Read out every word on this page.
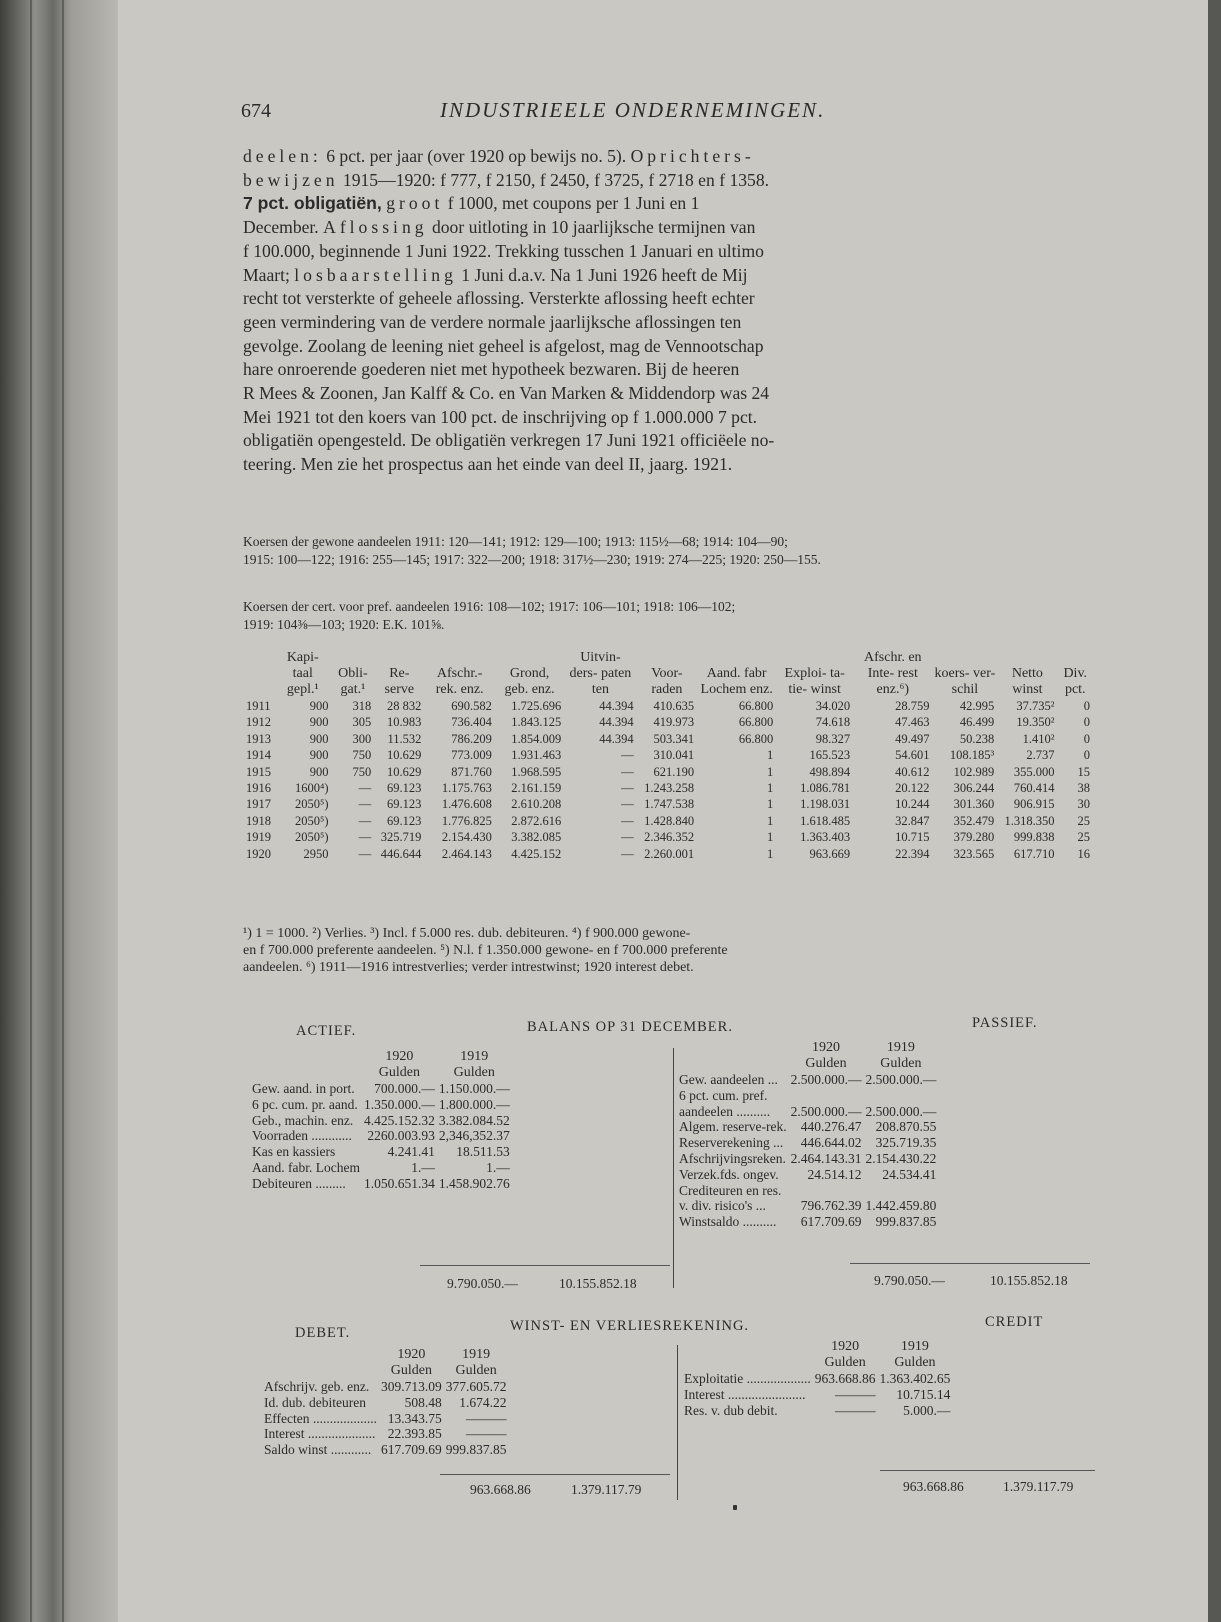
674	INDUSTRIEELE ONDERNEMINGEN.

deelen: 6 pct. per jaar (over 1920 op bewijs no. 5). Oprichters-

bewijzen 1915—1920: f 777, f 2150, f 2450, f 3725, f 2718 en f 1358.

7 pct. obligatiën, groot f 1000, met coupons per 1 Juni en 1

December. Aflossing door uitloting in 10 jaarlijksche termijnen van

f 100.000, beginnende 1 Juni 1922. Trekking tusschen 1 Januari en ultimo

Maart; losbaarstelling 1 Juni d.a.v. Na 1 Juni 1926 heeft de Mij

recht tot versterkte of geheele aflossing. Versterkte aflossing heeft echter

geen vermindering van de verdere normale jaarlijksche aflossingen ten

gevolge. Zoolang de leening niet geheel is afgelost, mag de Vennootschap

hare onroerende goederen niet met hypotheek bezwaren. Bij de heeren

R Mees & Zoonen, Jan Kalff & Co. en Van Marken & Middendorp was 24

Mei 1921 tot den koers van 100 pct. de inschrijving op f 1.000.000 7 pct.

obligatiën opengesteld. De obligatiën verkregen 17 Juni 1921 officiëele no-

teering. Men zie het prospectus aan het einde van deel II, jaarg. 1921.

Koersen der gewone aandeelen 1911: 120—141; 1912: 129—100; 1913: 115½—68; 1914: 104—90;
1915: 100—122; 1916: 255—145; 1917: 322—200; 1918: 317½—230; 1919: 274—225; 1920: 250—155.
Koersen der cert. voor pref. aandeelen 1916: 108—102; 1917: 106—101; 1918: 106—102;
1919: 104⅜—103; 1920: E.K. 101⅝.
	Kapi- taal gepl.¹	Obli- gat.¹	Re- serve	Afschr.- rek. enz.	Grond, geb. enz.	Uitvin- ders- paten ten	Voor- raden	Aand. fabr Lochem enz.	Exploi- ta- tie- winst	Afschr. en Inte- rest enz.⁶)	koers- ver- schil	Netto winst	Div. pct.
1911	900	318	28 832	690.582	1.725.696	44.394	410.635	66.800	34.020	28.759	42.995	37.735²	0
1912	900	305	10.983	736.404	1.843.125	44.394	419.973	66.800	74.618	47.463	46.499	19.350²	0
1913	900	300	11.532	786.209	1.854.009	44.394	503.341	66.800	98.327	49.497	50.238	1.410²	0
1914	900	750	10.629	773.009	1.931.463	—	310.041	1	165.523	54.601	108.185³	2.737	0
1915	900	750	10.629	871.760	1.968.595	—	621.190	1	498.894	40.612	102.989	355.000	15
1916	1600⁴)	—	69.123	1.175.763	2.161.159	—	1.243.258	1	1.086.781	20.122	306.244	760.414	38
1917	2050⁵)	—	69.123	1.476.608	2.610.208	—	1.747.538	1	1.198.031	10.244	301.360	906.915	30
1918	2050⁵)	—	69.123	1.776.825	2.872.616	—	1.428.840	1	1.618.485	32.847	352.479	1.318.350	25
1919	2050⁵)	—	325.719	2.154.430	3.382.085	—	2.346.352	1	1.363.403	10.715	379.280	999.838	25
1920	2950	—	446.644	2.464.143	4.425.152	—	2.260.001	1	963.669	22.394	323.565	617.710	16
¹) 1 = 1000. ²) Verlies. ³) Incl. f 5.000 res. dub. debiteuren. ⁴) f 900.000 gewone-
en f 700.000 preferente aandeelen. ⁵) N.l. f 1.350.000 gewone- en f 700.000 preferente
aandeelen. ⁶) 1911—1916 intrestverlies; verder intrestwinst; 1920 interest debet.
ACTIEF.	BALANS OP 31 DECEMBER.	PASSIEF.
	1920	1919
	Gulden	Gulden
Gew. aand. in port.	700.000.—	1.150.000.—
6 pc. cum. pr. aand.	1.350.000.—	1.800.000.—
Geb., machin. enz.	4.425.152.32	3.382.084.52
Voorraden ............	2260.003.93	2,346,352.37
Kas en kassiers	4.241.41	18.511.53
Aand. fabr. Lochem	1.—	1.—
Debiteuren .........	1.050.651.34	1.458.902.76
9.790.050.—	10.155.852.18
	1920	1919
	Gulden	Gulden
Gew. aandeelen ...	2.500.000.—	2.500.000.—
6 pct. cum. pref.		
aandeelen ..........	2.500.000.—	2.500.000.—
Algem. reserve-rek.	440.276.47	208.870.55
Reserverekening ...	446.644.02	325.719.35
Afschrijvingsreken.	2.464.143.31	2.154.430.22
Verzek.fds. ongev.	24.514.12	24.534.41
Crediteuren en res.		
v. div. risico's ...	796.762.39	1.442.459.80
Winstsaldo ..........	617.709.69	999.837.85
9.790.050.—	10.155.852.18
DEBET.	WINST- EN VERLIESREKENING.	CREDIT
	1920	1919
	Gulden	Gulden
Afschrijv. geb. enz.	309.713.09	377.605.72
Id. dub. debiteuren	508.48	1.674.22
Effecten ...................	13.343.75	———
Interest ....................	22.393.85	———
Saldo winst ............	617.709.69	999.837.85
963.668.86	1.379.117.79
	1920	1919
	Gulden	Gulden
Exploitatie ...................	963.668.86	1.363.402.65
Interest .......................	———	10.715.14
Res. v. dub debit.	———	5.000.—
963.668.86	1.379.117.79
